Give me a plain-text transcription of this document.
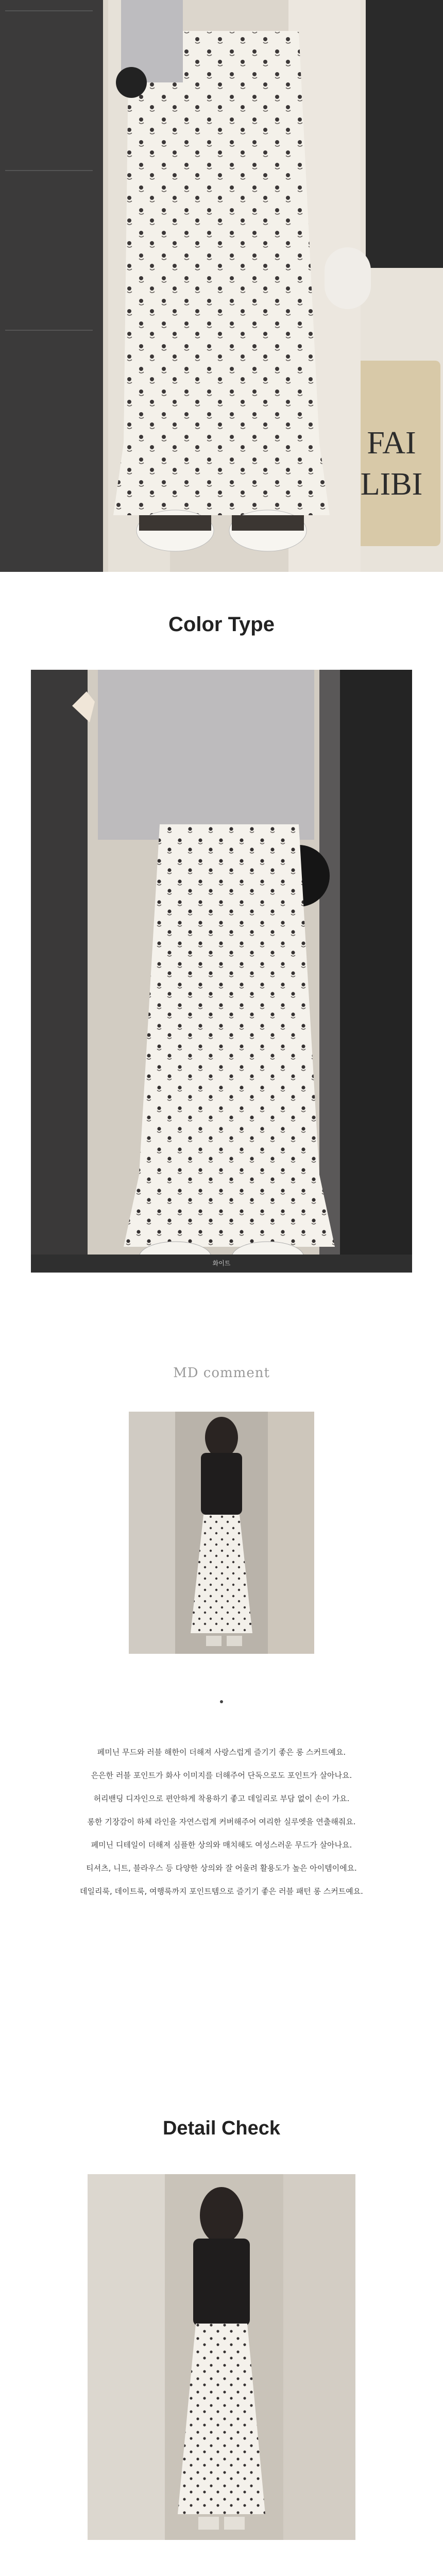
FAI
LIBI
Color Type
화이트
MD comment

페미닌 무드와 러블 해한이 더해져 사랑스럽게 즐기기 좋은 롱 스커트예요.

은은한 러블 포인트가 화사 이미지를 더해주어 단독으로도 포인트가 살아나요.

허리밴딩 디자인으로 편안하게 착용하기 좋고 데일리로 부담 없이 손이 가요.

롱한 기장감이 하체 라인을 자연스럽게 커버해주어 여리한 실루엣을 연출해줘요.

페미닌 디테일이 더해져 심플한 상의와 매치해도 여성스러운 무드가 살아나요.

티셔츠, 니트, 블라우스 등 다양한 상의와 잘 어울려 활용도가 높은 아이템이에요.

데일리룩, 데이트룩, 여행룩까지 포인트템으로 즐기기 좋은 러블 패턴 롱 스커트예요.

Detail Check
